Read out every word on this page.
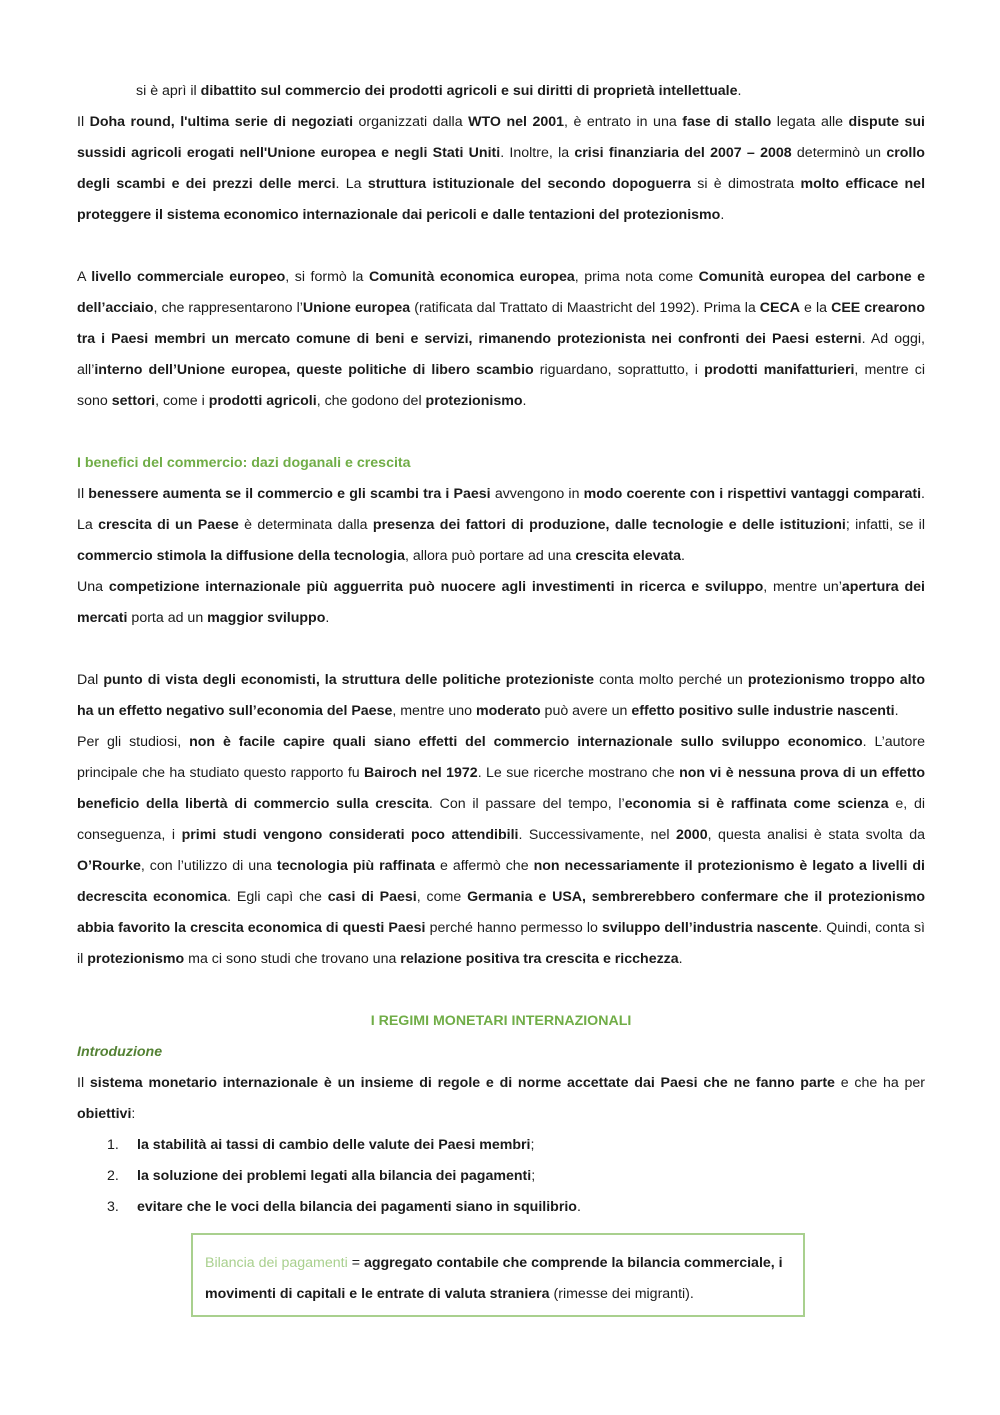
si è aprì il dibattito sul commercio dei prodotti agricoli e sui diritti di proprietà intellettuale.

Il Doha round, l'ultima serie di negoziati organizzati dalla WTO nel 2001, è entrato in una fase di stallo legata alle dispute sui sussidi agricoli erogati nell'Unione europea e negli Stati Uniti. Inoltre, la crisi finanziaria del 2007 – 2008 determinò un crollo degli scambi e dei prezzi delle merci. La struttura istituzionale del secondo dopoguerra si è dimostrata molto efficace nel proteggere il sistema economico internazionale dai pericoli e dalle tentazioni del protezionismo.

A livello commerciale europeo, si formò la Comunità economica europea, prima nota come Comunità europea del carbone e dell’acciaio, che rappresentarono l’Unione europea (ratificata dal Trattato di Maastricht del 1992). Prima la CECA e la CEE crearono tra i Paesi membri un mercato comune di beni e servizi, rimanendo protezionista nei confronti dei Paesi esterni. Ad oggi, all’interno dell’Unione europea, queste politiche di libero scambio riguardano, soprattutto, i prodotti manifatturieri, mentre ci sono settori, come i prodotti agricoli, che godono del protezionismo.

I benefici del commercio: dazi doganali e crescita

Il benessere aumenta se il commercio e gli scambi tra i Paesi avvengono in modo coerente con i rispettivi vantaggi comparati. La crescita di un Paese è determinata dalla presenza dei fattori di produzione, dalle tecnologie e delle istituzioni; infatti, se il commercio stimola la diffusione della tecnologia, allora può portare ad una crescita elevata.

Una competizione internazionale più agguerrita può nuocere agli investimenti in ricerca e sviluppo, mentre un’apertura dei mercati porta ad un maggior sviluppo.

Dal punto di vista degli economisti, la struttura delle politiche protezioniste conta molto perché un protezionismo troppo alto ha un effetto negativo sull’economia del Paese, mentre uno moderato può avere un effetto positivo sulle industrie nascenti.

Per gli studiosi, non è facile capire quali siano effetti del commercio internazionale sullo sviluppo economico. L’autore principale che ha studiato questo rapporto fu Bairoch nel 1972. Le sue ricerche mostrano che non vi è nessuna prova di un effetto beneficio della libertà di commercio sulla crescita. Con il passare del tempo, l’economia si è raffinata come scienza e, di conseguenza, i primi studi vengono considerati poco attendibili. Successivamente, nel 2000, questa analisi è stata svolta da O’Rourke, con l’utilizzo di una tecnologia più raffinata e affermò che non necessariamente il protezionismo è legato a livelli di decrescita economica. Egli capì che casi di Paesi, come Germania e USA, sembrerebbero confermare che il protezionismo abbia favorito la crescita economica di questi Paesi perché hanno permesso lo sviluppo dell’industria nascente. Quindi, conta sì il protezionismo ma ci sono studi che trovano una relazione positiva tra crescita e ricchezza.

I REGIMI MONETARI INTERNAZIONALI
Introduzione

Il sistema monetario internazionale è un insieme di regole e di norme accettate dai Paesi che ne fanno parte e che ha per obiettivi:

1. la stabilità ai tassi di cambio delle valute dei Paesi membri;
2. la soluzione dei problemi legati alla bilancia dei pagamenti;
3. evitare che le voci della bilancia dei pagamenti siano in squilibrio.

Bilancia dei pagamenti = aggregato contabile che comprende la bilancia commerciale, i movimenti di capitali e le entrate di valuta straniera (rimesse dei migranti).
